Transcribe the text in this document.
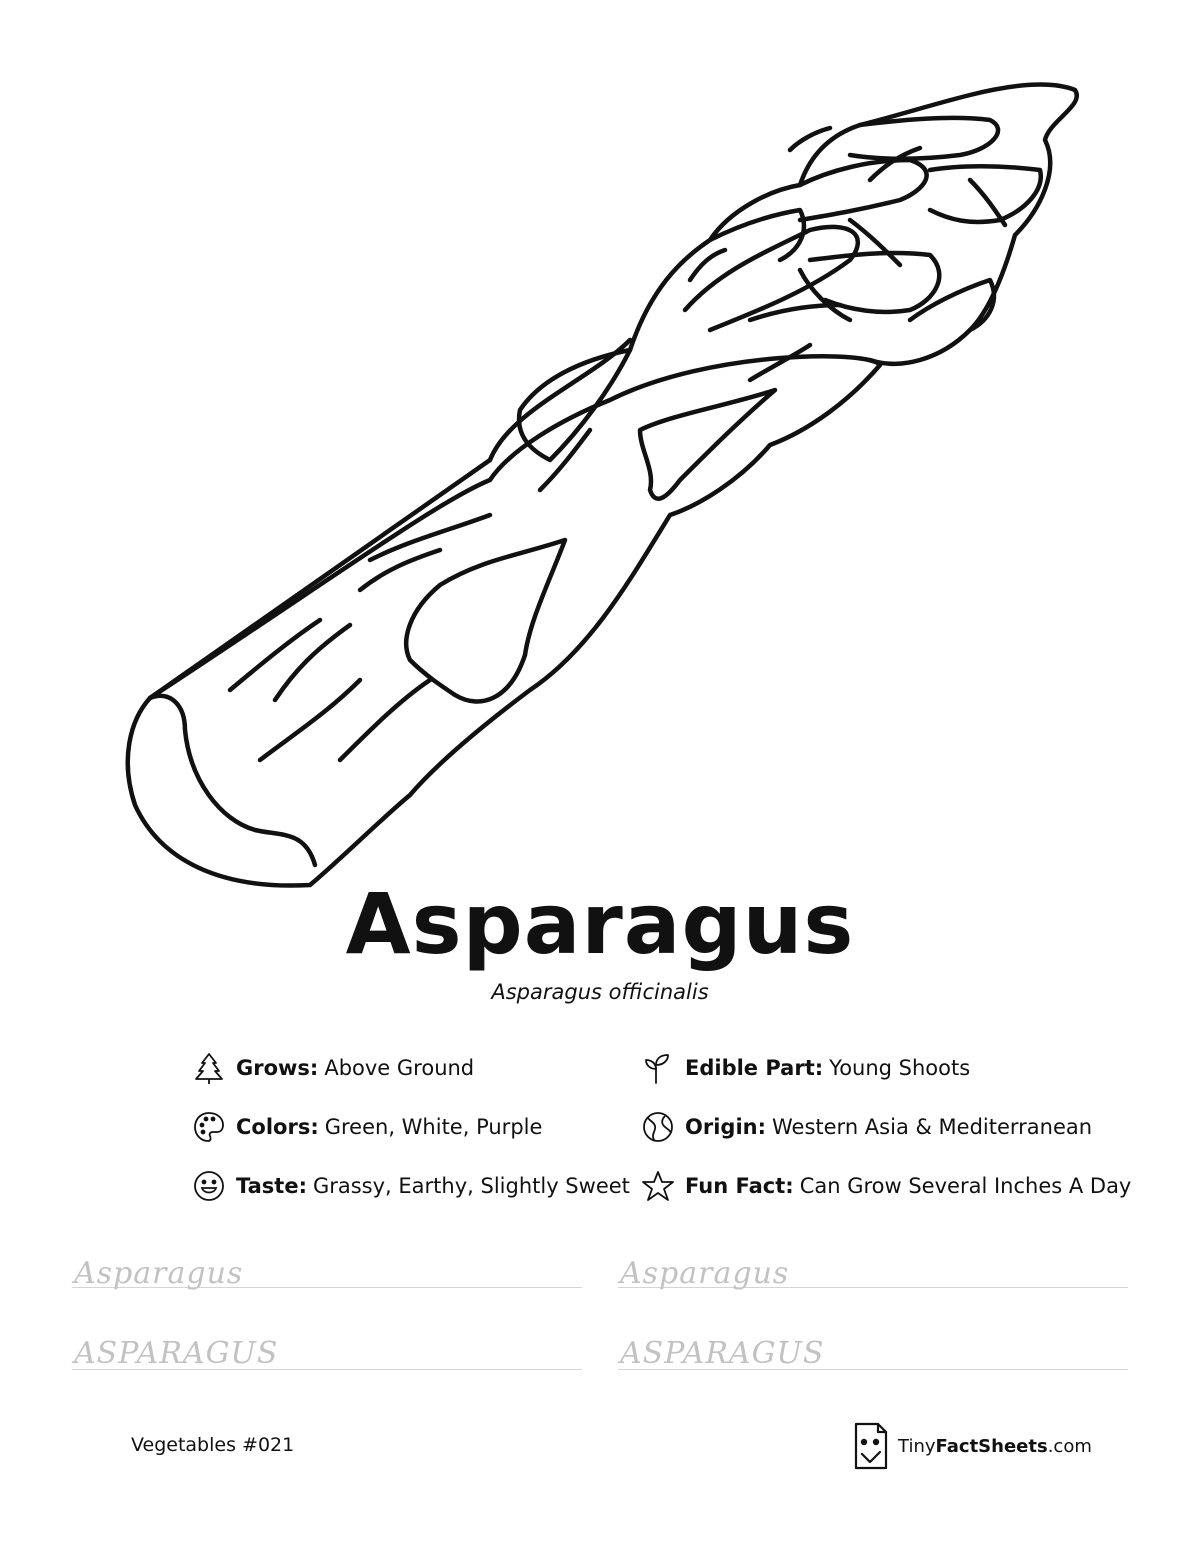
Asparagus
Asparagus officinalis
Grows: Above Ground	Edible Part: Young Shoots
Colors: Green, White, Purple	Origin: Western Asia & Mediterranean
Taste: Grassy, Earthy, Slightly Sweet	Fun Fact: Can Grow Several Inches A Day
Asparagus	Asparagus
ASPARAGUS	ASPARAGUS
Vegetables #021	TinyFactSheets.com
